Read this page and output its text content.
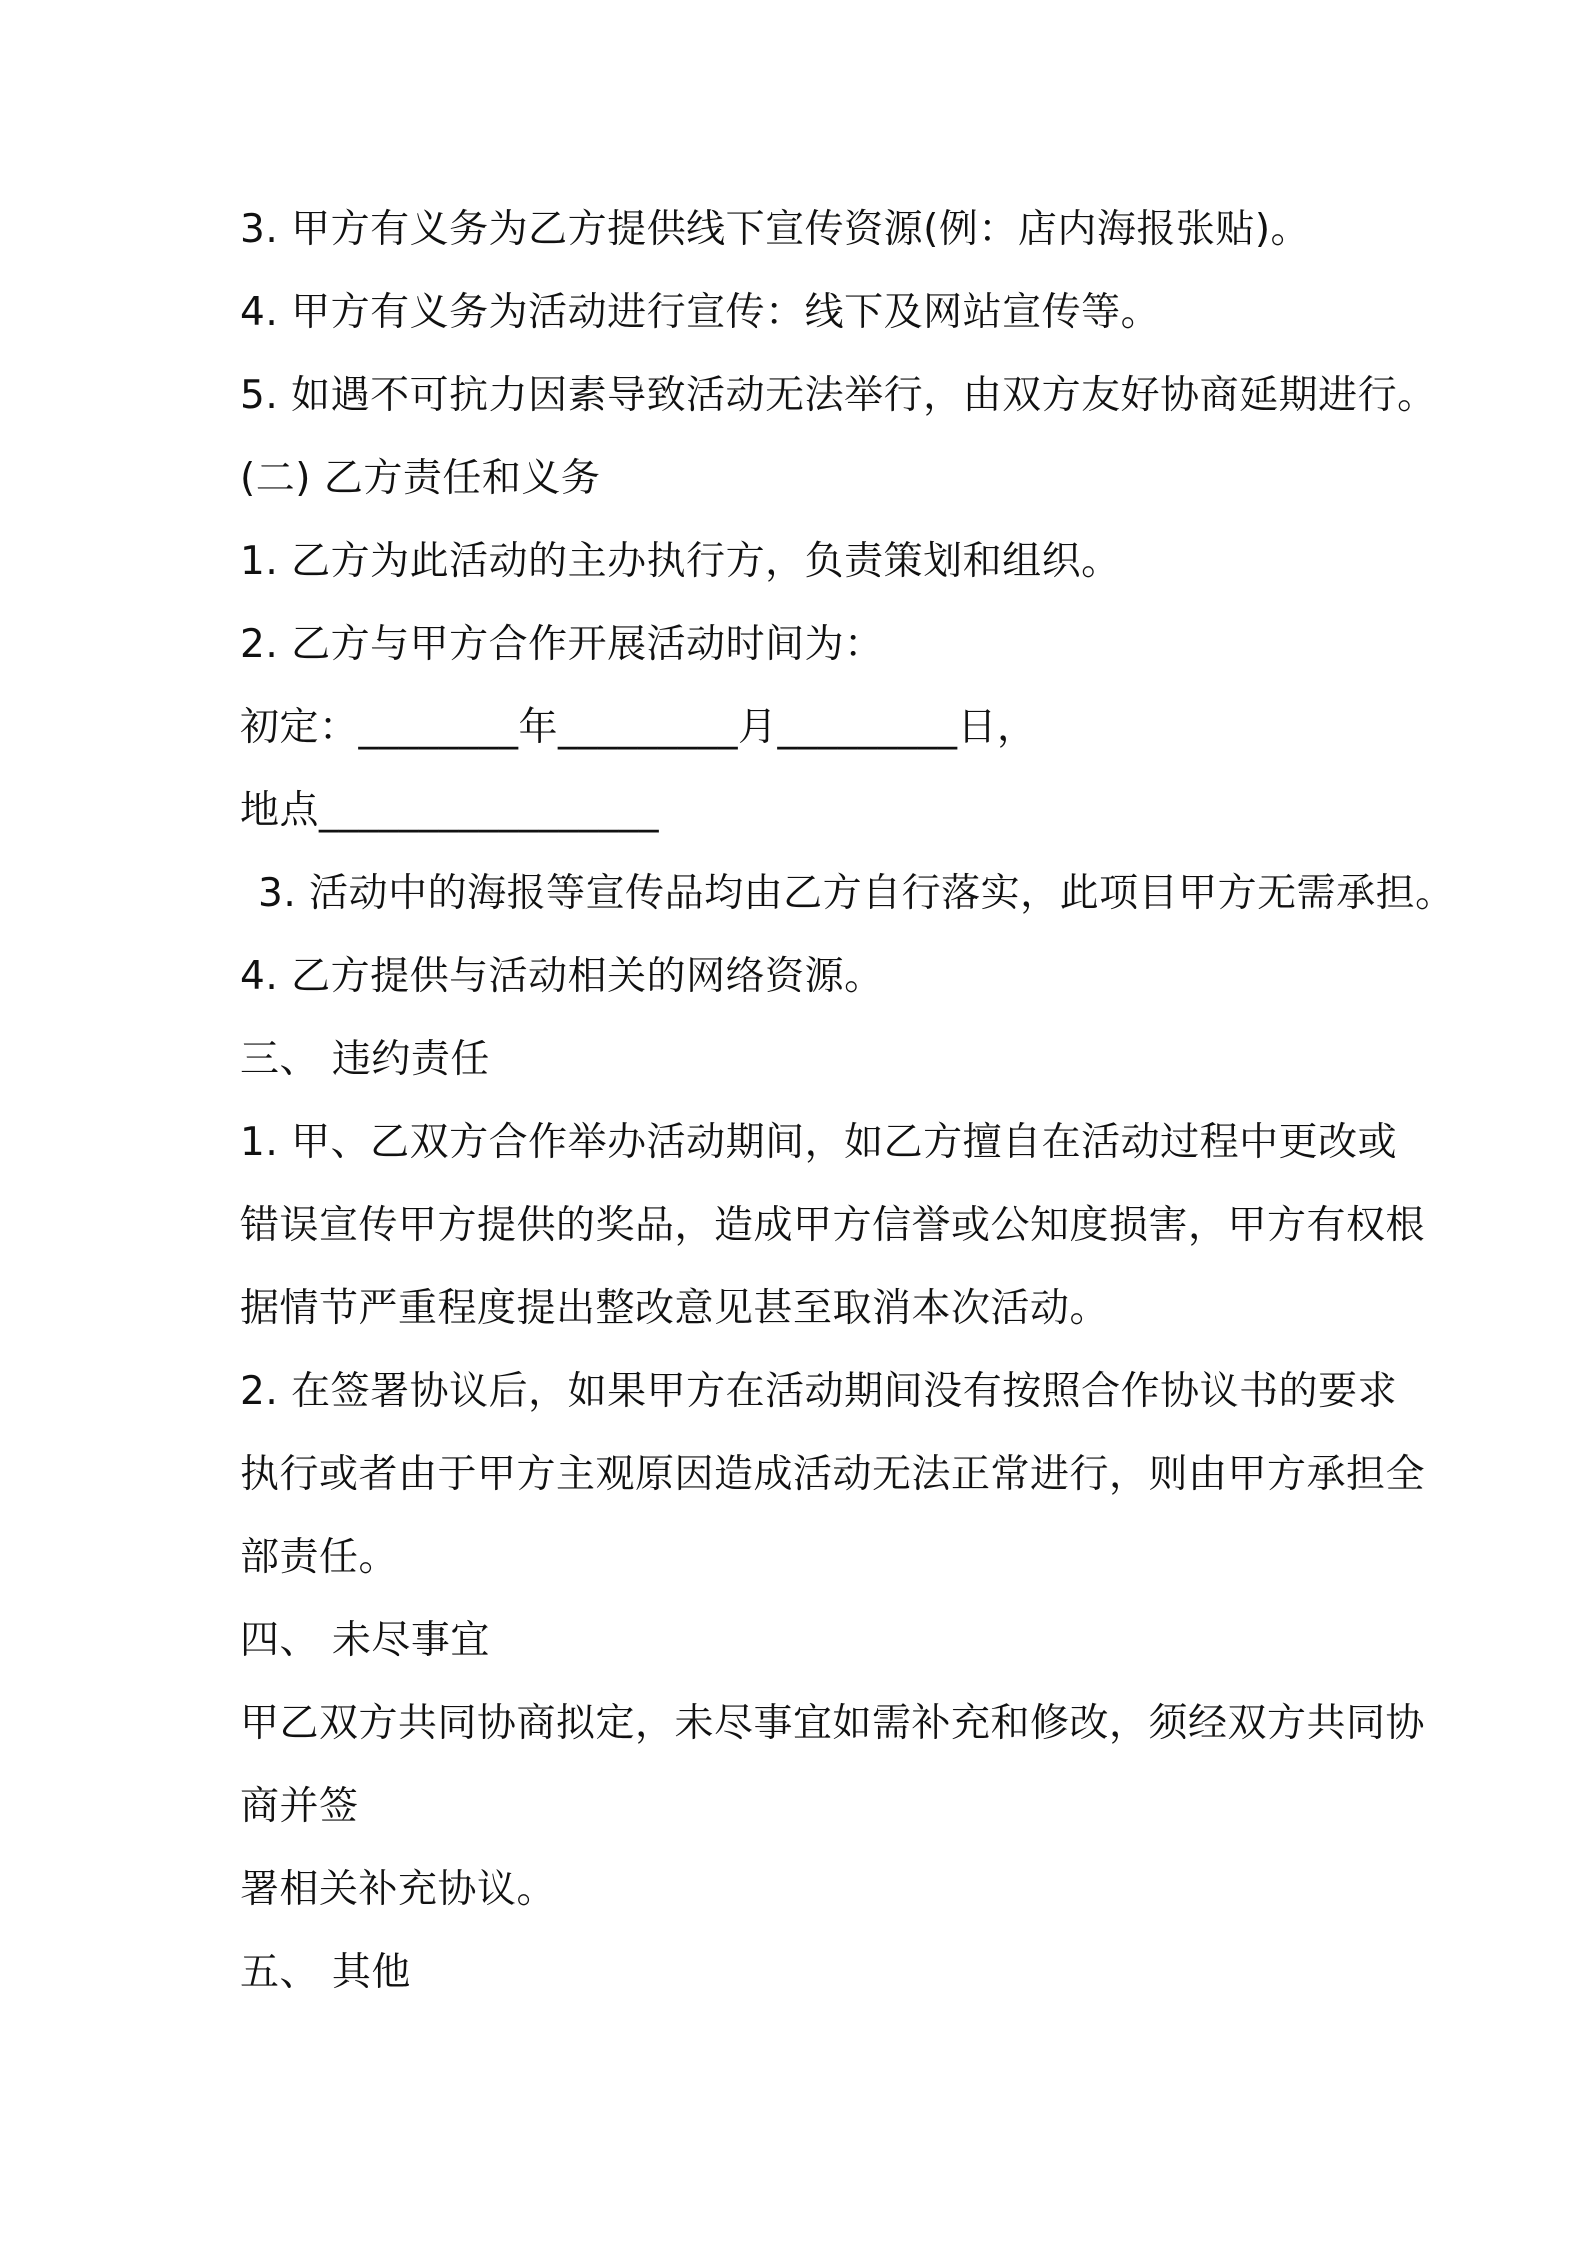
3. 甲方有义务为乙方提供线下宣传资源(例：店内海报张贴)。
4. 甲方有义务为活动进行宣传：线下及网站宣传等。
5. 如遇不可抗力因素导致活动无法举行，由双方友好协商延期进行。
(二) 乙方责任和义务
1. 乙方为此活动的主办执行方，负责策划和组织。
2. 乙方与甲方合作开展活动时间为：
初定：________年_________月_________日，
地点_________________
3. 活动中的海报等宣传品均由乙方自行落实，此项目甲方无需承担。
4. 乙方提供与活动相关的网络资源。
三、 违约责任
1. 甲、乙双方合作举办活动期间，如乙方擅自在活动过程中更改或
错误宣传甲方提供的奖品，造成甲方信誉或公知度损害，甲方有权根
据情节严重程度提出整改意见甚至取消本次活动。
2. 在签署协议后，如果甲方在活动期间没有按照合作协议书的要求
执行或者由于甲方主观原因造成活动无法正常进行，则由甲方承担全
部责任。
四、 未尽事宜
甲乙双方共同协商拟定，未尽事宜如需补充和修改，须经双方共同协
商并签
署相关补充协议。
五、 其他
